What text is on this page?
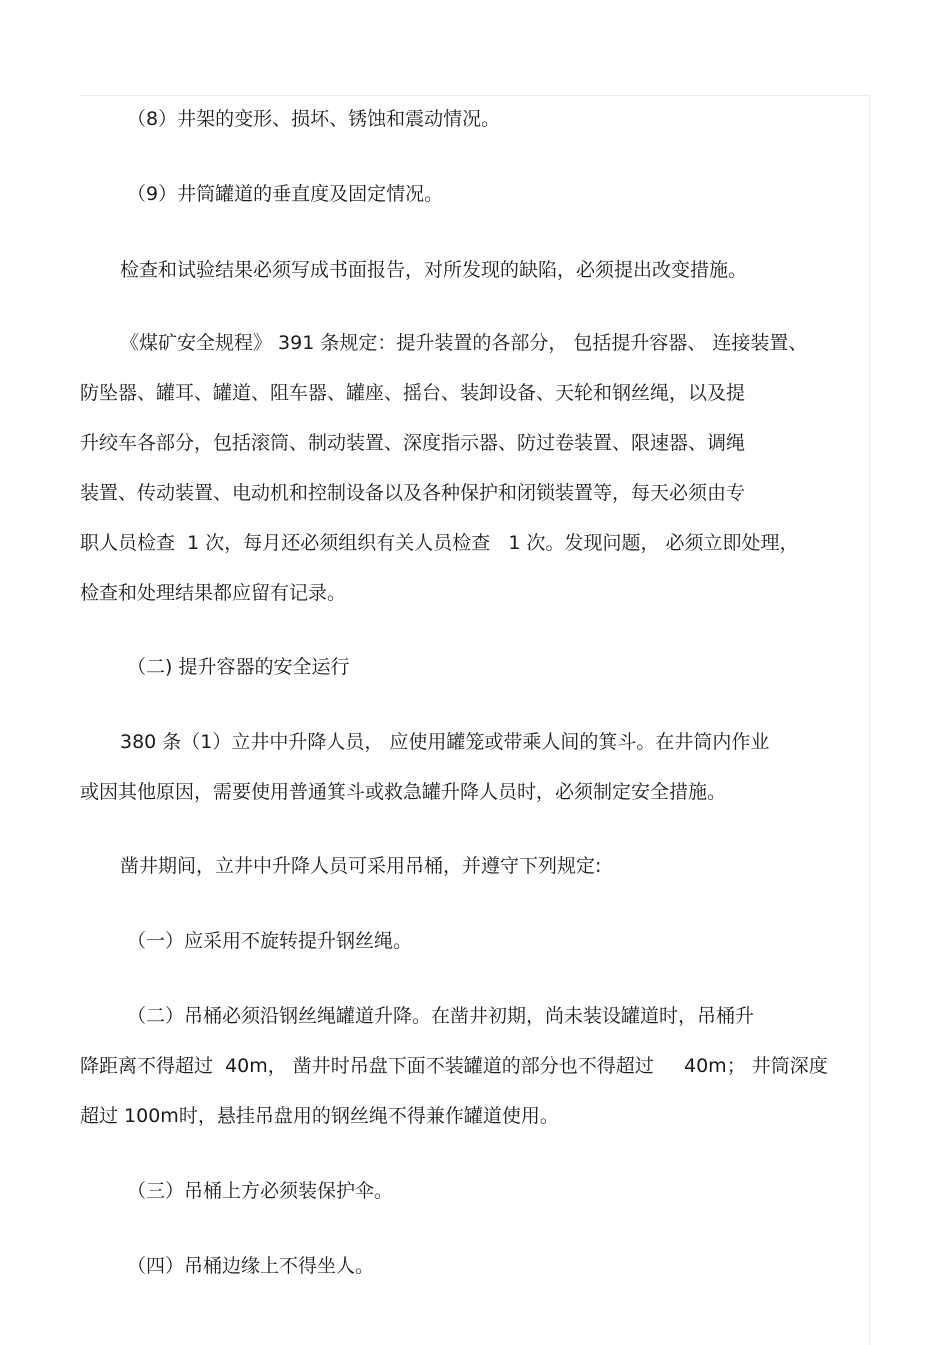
（8）井架的变形、损坏、锈蚀和震动情况。
（9）井筒罐道的垂直度及固定情况。
检查和试验结果必须写成书面报告，对所发现的缺陷，必须提出改变措施。
《煤矿安全规程》 391 条规定：提升装置的各部分， 包括提升容器、 连接装置、
防坠器、罐耳、罐道、阻车器、罐座、摇台、装卸设备、天轮和钢丝绳，以及提
升绞车各部分，包括滚筒、制动装置、深度指示器、防过卷装置、限速器、调绳
装置、传动装置、电动机和控制设备以及各种保护和闭锁装置等，每天必须由专
职人员检查  1 次，每月还必须组织有关人员检查   1 次。发现问题， 必须立即处理，
检查和处理结果都应留有记录。
（二) 提升容器的安全运行
380 条（1）立井中升降人员， 应使用罐笼或带乘人间的箕斗。在井筒内作业
或因其他原因，需要使用普通箕斗或救急罐升降人员时，必须制定安全措施。
凿井期间，立井中升降人员可采用吊桶，并遵守下列规定:
（一）应采用不旋转提升钢丝绳。
（二）吊桶必须沿钢丝绳罐道升降。在凿井初期，尚未装设罐道时，吊桶升
降距离不得超过  40m， 凿井时吊盘下面不装罐道的部分也不得超过     40m； 井筒深度
超过 100m时，悬挂吊盘用的钢丝绳不得兼作罐道使用。
（三）吊桶上方必须装保护伞。
（四）吊桶边缘上不得坐人。
